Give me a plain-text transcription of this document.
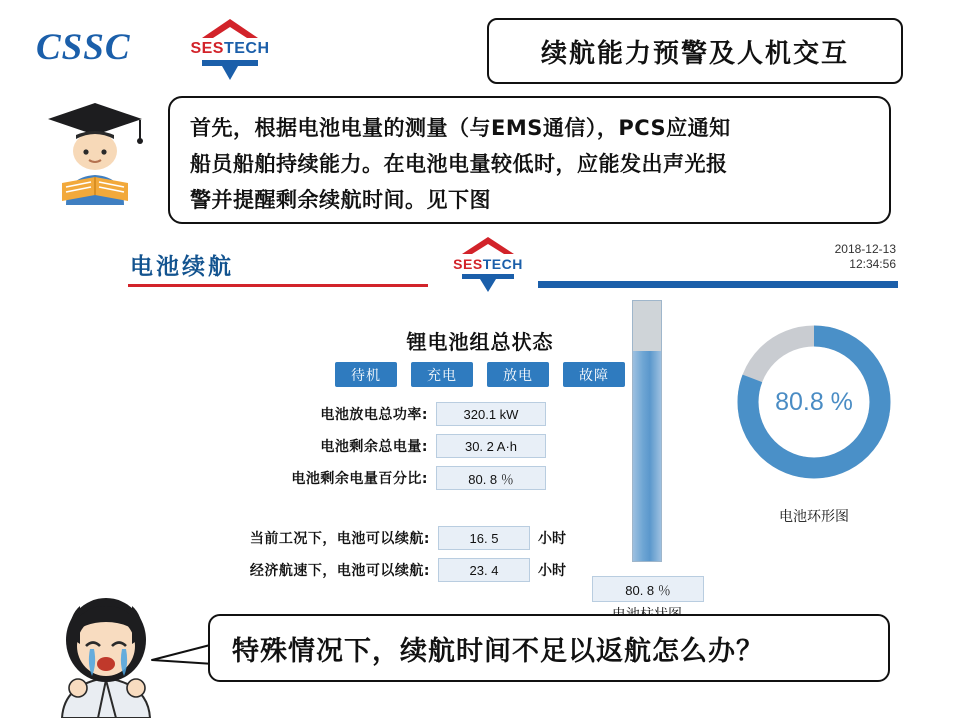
CSSC	SESTECH	续航能力预警及人机交互

首先，根据电池电量的测量（与EMS通信），PCS应通知

船员船舶持续能力。在电池电量较低时，应能发出声光报

警并提醒剩余续航时间。见下图

电池续航	SESTECH
2018-12-13
12:34:56
锂电池组总状态
待机	充电	放电	故障
电池放电总功率:	320.1 kW
电池剩余总电量:	30. 2 A·h
电池剩余电量百分比:	80. 8 ％
当前工况下，电池可以续航:	16. 5	小时
经济航速下，电池可以续航:	23. 4	小时
80. 8 ％
80.8 %
电池环形图
特殊情况下，续航时间不足以返航怎么办？
